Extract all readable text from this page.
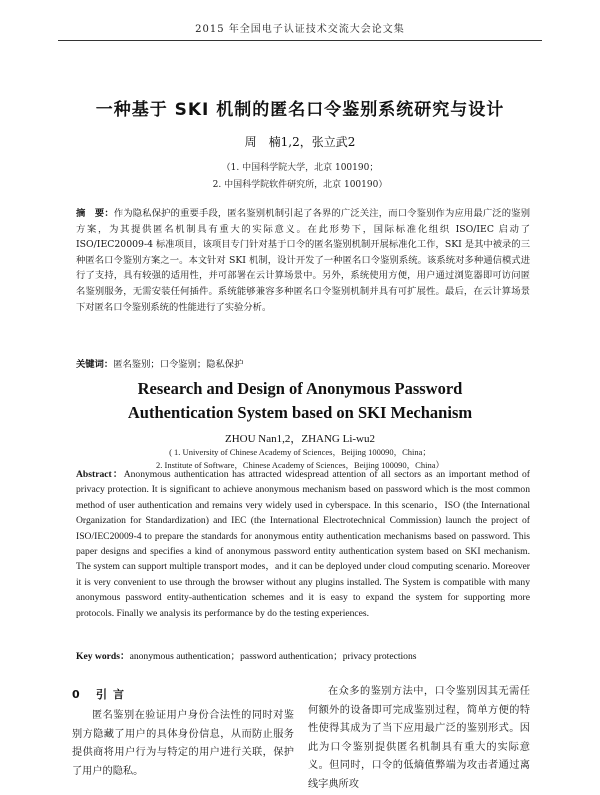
2015 年全国电子认证技术交流大会论文集
一种基于 SKI 机制的匿名口令鉴别系统研究与设计
周　楠1,2，张立武2
（1. 中国科学院大学，北京 100190；
2. 中国科学院软件研究所，北京 100190）
摘　要：作为隐私保护的重要手段，匿名鉴别机制引起了各界的广泛关注，而口令鉴别作为应用最广泛的鉴别方案，为其提供匿名机制具有重大的实际意义。在此形势下，国际标准化组织 ISO/IEC 启动了 ISO/IEC20009-4 标准项目，该项目专门针对基于口令的匿名鉴别机制开展标准化工作，SKI 是其中被录的三种匿名口令鉴别方案之一。本文针对 SKI 机制，设计开发了一种匿名口令鉴别系统。该系统对多种通信模式进行了支持，具有较强的适用性，并可部署在云计算场景中。另外，系统使用方便，用户通过浏览器即可访问匿名鉴别服务，无需安装任何插件。系统能够兼容多种匿名口令鉴别机制并具有可扩展性。最后，在云计算场景下对匿名口令鉴别系统的性能进行了实验分析。
关键词：匿名鉴别；口令鉴别；隐私保护
Research and Design of Anonymous Password
Authentication System based on SKI Mechanism
ZHOU Nan1,2，ZHANG Li-wu2
( 1. University of Chinese Academy of Sciences，Beijing 100090，China；
2. Institute of Software，Chinese Academy of Sciences，Beijing 100090，China）
Abstract：Anonymous authentication has attracted widespread attention of all sectors as an important method of privacy protection. It is significant to achieve anonymous mechanism based on password which is the most common method of user authentication and remains very widely used in cyberspace. In this scenario，ISO (the International Organization for Standardization) and IEC (the International Electrotechnical Commission) launch the project of ISO/IEC20009-4 to prepare the standards for anonymous entity authentication mechanisms based on password. This paper designs and specifies a kind of anonymous password entity authentication system based on SKI mechanism. The system can support multiple transport modes，and it can be deployed under cloud computing scenario. Moreover it is very convenient to use through the browser without any plugins installed. The System is compatible with many anonymous password entity-authentication schemes and it is easy to expand the system for supporting more protocols. Finally we analysis its performance by do the testing experiences.
Key words：anonymous authentication；password authentication；privacy protections
0 引言
匿名鉴别在验证用户身份合法性的同时对鉴别方隐藏了用户的具体身份信息，从而防止服务提供商将用户行为与特定的用户进行关联，保护了用户的隐私。
在众多的鉴别方法中，口令鉴别因其无需任何额外的设备即可完成鉴别过程，简单方便的特性使得其成为了当下应用最广泛的鉴别形式。因此为口令鉴别提供匿名机制具有重大的实际意义。但同时，口令的低熵值弊端为攻击者通过离线字典所攻
